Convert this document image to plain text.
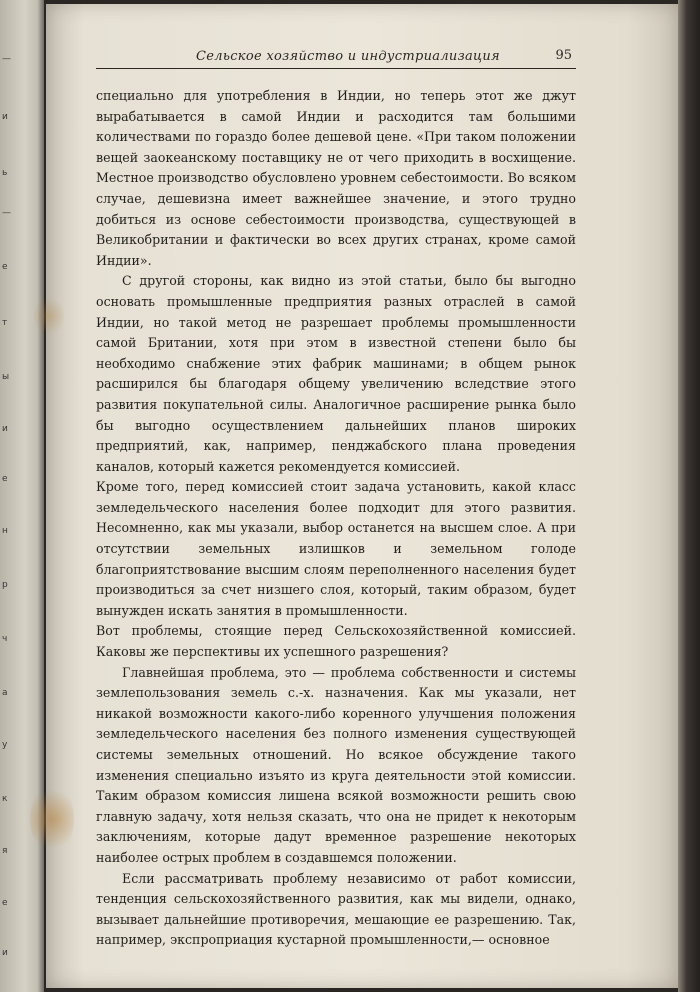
—
и
ь
—
е
т
ы
и
е
н
р
ч
а
у
к
я
е
и
Сельское хозяйство и индустриализация	95

специально для употребления в Индии, но теперь этот же джут вырабатывается в самой Индии и расходится там большими количествами по гораздо более дешевой цене. «При таком положении вещей заокеанскому поставщику не от чего приходить в восхищение. Местное производство обусловлено уровнем себестоимости. Во всяком случае, дешевизна имеет важнейшее значение, и этого трудно добиться из основе себестоимости производства, существующей в Великобритании и фактически во всех других странах, кроме самой Индии».

С другой стороны, как видно из этой статьи, было бы выгодно основать промышленные предприятия разных отраслей в самой Индии, но такой метод не разрешает проблемы промышленности самой Британии, хотя при этом в известной степени было бы необходимо снабжение этих фабрик машинами; в общем рынок расширился бы благодаря общему увеличению вследствие этого развития покупательной силы. Аналогичное расширение рынка было бы выгодно осуществлением дальнейших планов широких предприятий, как, например, пенджабского плана проведения каналов, который кажется рекомендуется комиссией.

Кроме того, перед комиссией стоит задача установить, какой класс земледельческого населения более подходит для этого развития. Несомненно, как мы указали, выбор останется на высшем слое. А при отсутствии земельных излишков и земельном голоде благоприятствование высшим слоям переполненного населения будет производиться за счет низшего слоя, который, таким образом, будет вынужден искать занятия в промышленности.

Вот проблемы, стоящие перед Сельскохозяйственной комиссией. Каковы же перспективы их успешного разрешения?

Главнейшая проблема, это — проблема собственности и системы землепользования земель с.-х. назначения. Как мы указали, нет никакой возможности какого-либо коренного улучшения положения земледельческого населения без полного изменения существующей системы земельных отношений. Но всякое обсуждение такого изменения специально изъято из круга деятельности этой комиссии. Таким образом комиссия лишена всякой возможности решить свою главную задачу, хотя нельзя сказать, что она не придет к некоторым заключениям, которые дадут временное разрешение некоторых наиболее острых проблем в создавшемся положении.

Если рассматривать проблему независимо от работ комиссии, тенденция сельскохозяйственного развития, как мы видели, однако, вызывает дальнейшие противоречия, мешающие ее разрешению. Так, например, экспроприация кустарной промышленности,— основное
